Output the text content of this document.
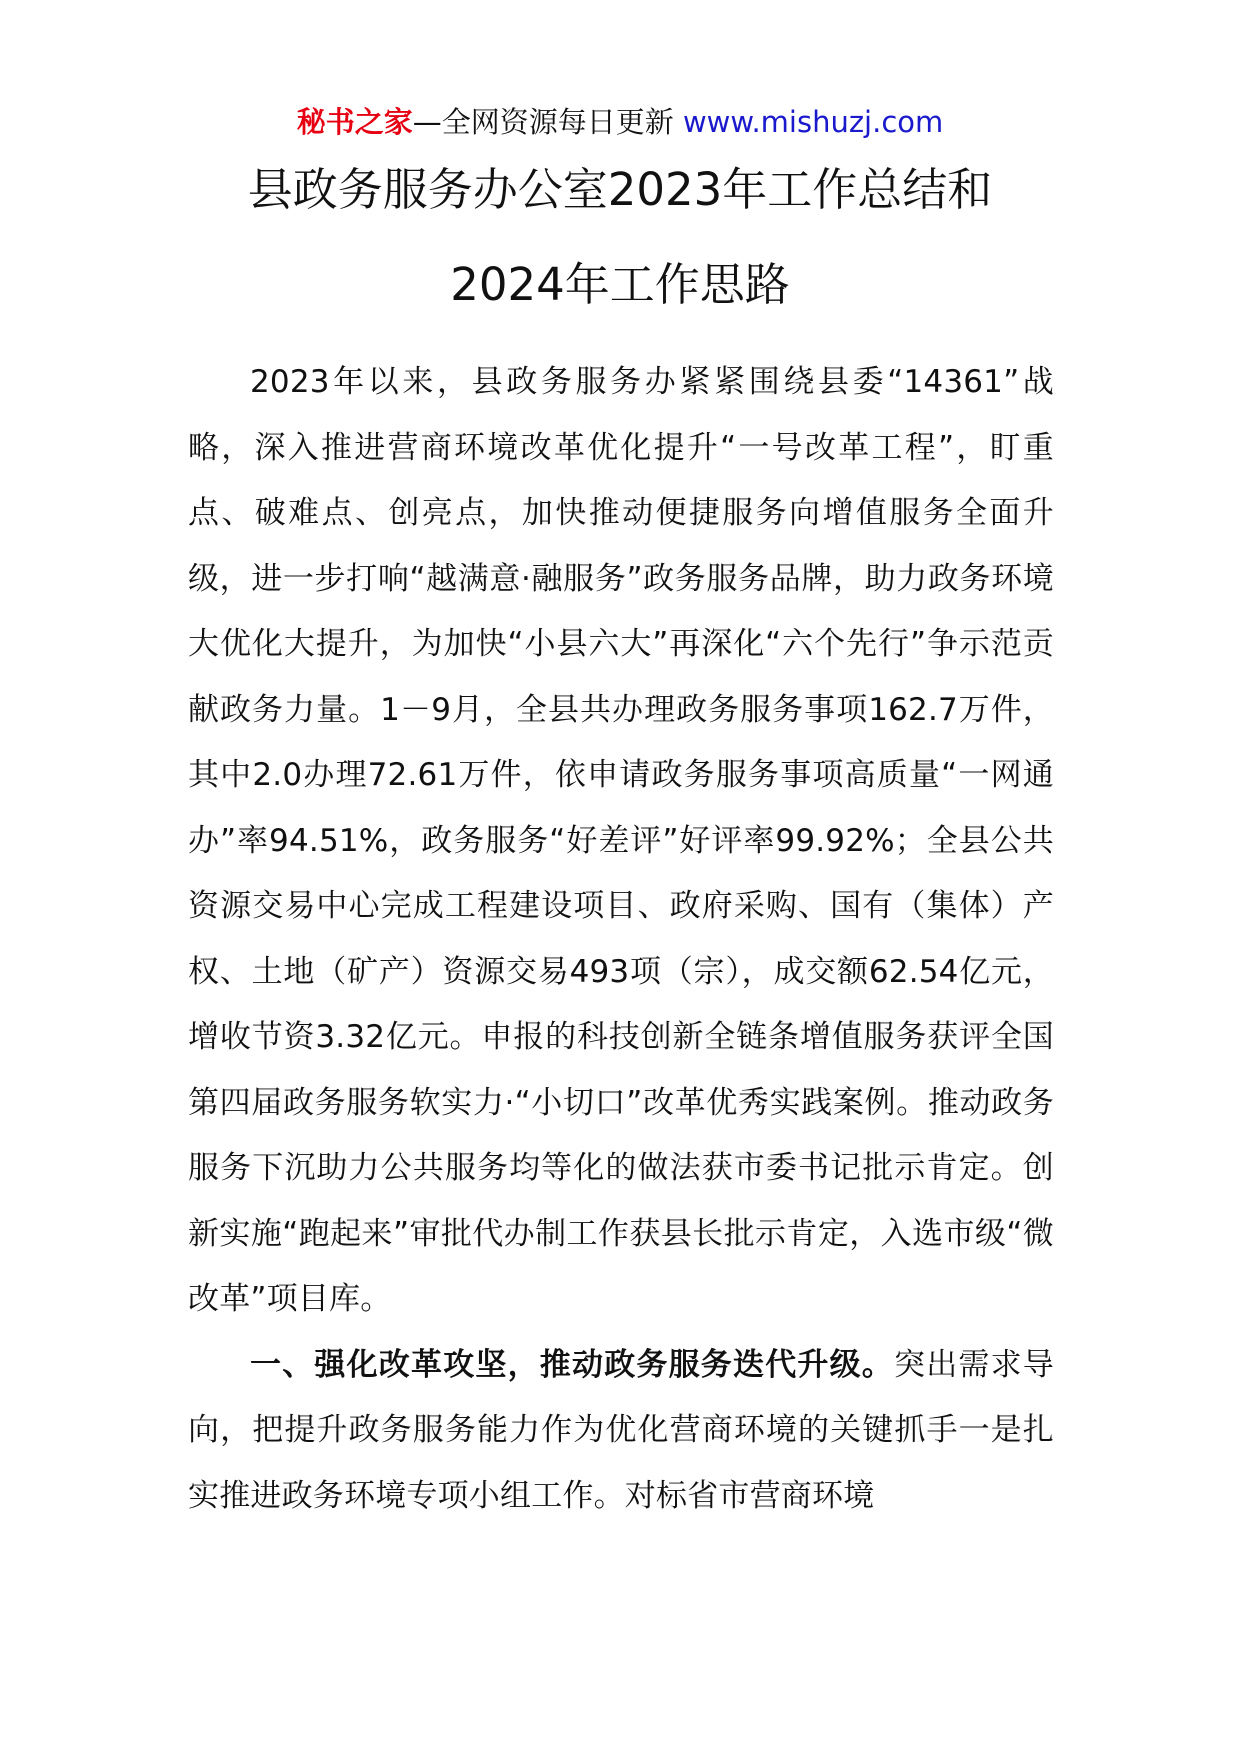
秘书之家—全网资源每日更新 www.mishuzj.com
县政务服务办公室2023年工作总结和
2024年工作思路

2023年以来，县政务服务办紧紧围绕县委“14361”战略，深入推进营商环境改革优化提升“一号改革工程”，盯重点、破难点、创亮点，加快推动便捷服务向增值服务全面升级，进一步打响“越满意·融服务”政务服务品牌，助力政务环境大优化大提升，为加快“小县六大”再深化“六个先行”争示范贡献政务力量。1－9月，全县共办理政务服务事项162.7万件，其中2.0办理72.61万件，依申请政务服务事项高质量“一网通办”率94.51%，政务服务“好差评”好评率99.92%；全县公共资源交易中心完成工程建设项目、政府采购、国有（集体）产权、土地（矿产）资源交易493项（宗），成交额62.54亿元，增收节资3.32亿元。申报的科技创新全链条增值服务获评全国第四届政务服务软实力·“小切口”改革优秀实践案例。推动政务服务下沉助力公共服务均等化的做法获市委书记批示肯定。创新实施“跑起来”审批代办制工作获县长批示肯定，入选市级“微改革”项目库。

一、强化改革攻坚，推动政务服务迭代升级。突出需求导向，把提升政务服务能力作为优化营商环境的关键抓手一是扎实推进政务环境专项小组工作。对标省市营商环境
